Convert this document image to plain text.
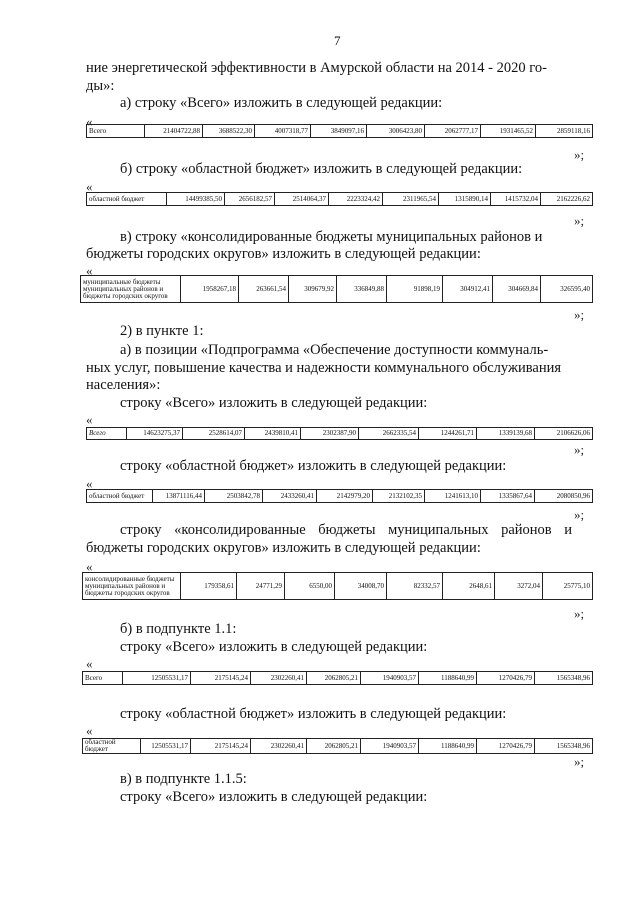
7
ние энергетической эффективности в Амурской области на 2014 - 2020 го-
ды»:
а) строку «Всего» изложить в следующей редакции:
«
Всего	21404722,88	3688522,30	4007318,77	3849097,16	3006423,80	2062777,17	1931465,52	2859118,16
»;
б) строку «областной бюджет» изложить в следующей редакции:
«
областной бюджет	14499385,50	2656182,57	2514064,37	2223324,42	2311965,54	1315890,14	1415732,04	2162226,62
»;
в) строку «консолидированные бюджеты муниципальных районов и
бюджеты городских округов» изложить в следующей редакции:
«
муниципальные бюджеты муниципальных районов и бюджеты городских округов	1958267,18	263661,54	309679,92	336849,88	91898,19	304912,41	304669,84	326595,40
»;
2) в пункте 1:
а) в позиции «Подпрограмма «Обеспечение доступности коммуналь-
ных услуг, повышение качества и надежности коммунального обслуживания
населения»:
строку «Всего» изложить в следующей редакции:
«
Всего	14623275,37	2528614,07	2439810,41	2302387,90	2662335,54	1244261,71	1339139,68	2106626,06
»;
строку «областной бюджет» изложить в следующей редакции:
«
областной бюджет	13871116,44	2503842,78	2433260,41	2142979,20	2132102,35	1241613,10	1335867,64	2080850,96
»;
строку «консолидированные бюджеты муниципальных районов и
бюджеты городских округов» изложить в следующей редакции:
«
консолидированные бюджеты муниципальных районов и бюджеты городских округов	179358,61	24771,29	6550,00	34008,70	82332,57	2648,61	3272,04	25775,10
»;
б) в подпункте 1.1:
строку «Всего» изложить в следующей редакции:
«
Всего	12505531,17	2175145,24	2302260,41	2062805,21	1940903,57	1188640,99	1270426,79	1565348,96
строку «областной бюджет» изложить в следующей редакции:
«
областной бюджет	12505531,17	2175145,24	2302260,41	2062805,21	1940903,57	1188640,99	1270426,79	1565348,96
»;
в) в подпункте 1.1.5:
строку «Всего» изложить в следующей редакции:
